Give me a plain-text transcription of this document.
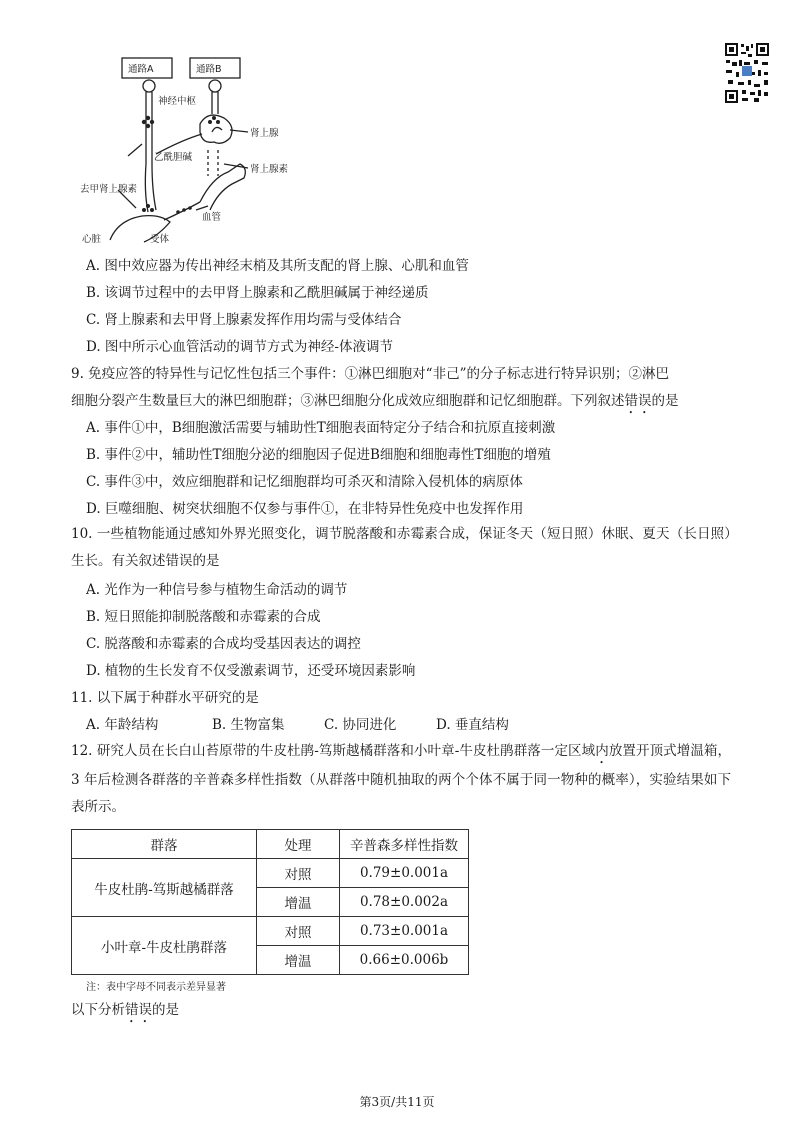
通路A	通路B
神经中枢
肾上腺
乙酰胆碱
肾上腺素
去甲肾上腺素
血管
心脏	受体
A. 图中效应器为传出神经末梢及其所支配的肾上腺、心肌和血管
B. 该调节过程中的去甲肾上腺素和乙酰胆碱属于神经递质
C. 肾上腺素和去甲肾上腺素发挥作用均需与受体结合
D. 图中所示心血管活动的调节方式为神经-体液调节
9. 免疫应答的特异性与记忆性包括三个事件：①淋巴细胞对“非己”的分子标志进行特异识别；②淋巴
细胞分裂产生数量巨大的淋巴细胞群；③淋巴细胞分化成效应细胞群和记忆细胞群。下列叙述错误的是
A. 事件①中，B细胞激活需要与辅助性T细胞表面特定分子结合和抗原直接刺激
B. 事件②中，辅助性T细胞分泌的细胞因子促进B细胞和细胞毒性T细胞的增殖
C. 事件③中，效应细胞群和记忆细胞群均可杀灭和清除入侵机体的病原体
D. 巨噬细胞、树突状细胞不仅参与事件①，在非特异性免疫中也发挥作用
10. 一些植物能通过感知外界光照变化，调节脱落酸和赤霉素合成，保证冬天（短日照）休眠、夏天（长日照）生长。有关叙述错误的是
A. 光作为一种信号参与植物生命活动的调节
B. 短日照能抑制脱落酸和赤霉素的合成
C. 脱落酸和赤霉素的合成均受基因表达的调控
D. 植物的生长发育不仅受激素调节，还受环境因素影响
11. 以下属于种群水平研究的是
A. 年龄结构	B. 生物富集	C. 协同进化	D. 垂直结构
12. 研究人员在长白山苔原带的牛皮杜鹃-笃斯越橘群落和小叶章-牛皮杜鹃群落一定区域内放置开顶式增温箱，3 年后检测各群落的辛普森多样性指数（从群落中随机抽取的两个个体不属于同一物种的概率），实验结果如下表所示。
群落	处理	辛普森多样性指数
牛皮杜鹃-笃斯越橘群落	对照	0.79±0.001a
	增温	0.78±0.002a
小叶章-牛皮杜鹃群落	对照	0.73±0.001a
	增温	0.66±0.006b
注：表中字母不同表示差异显著
以下分析错误的是
第3页/共11页
